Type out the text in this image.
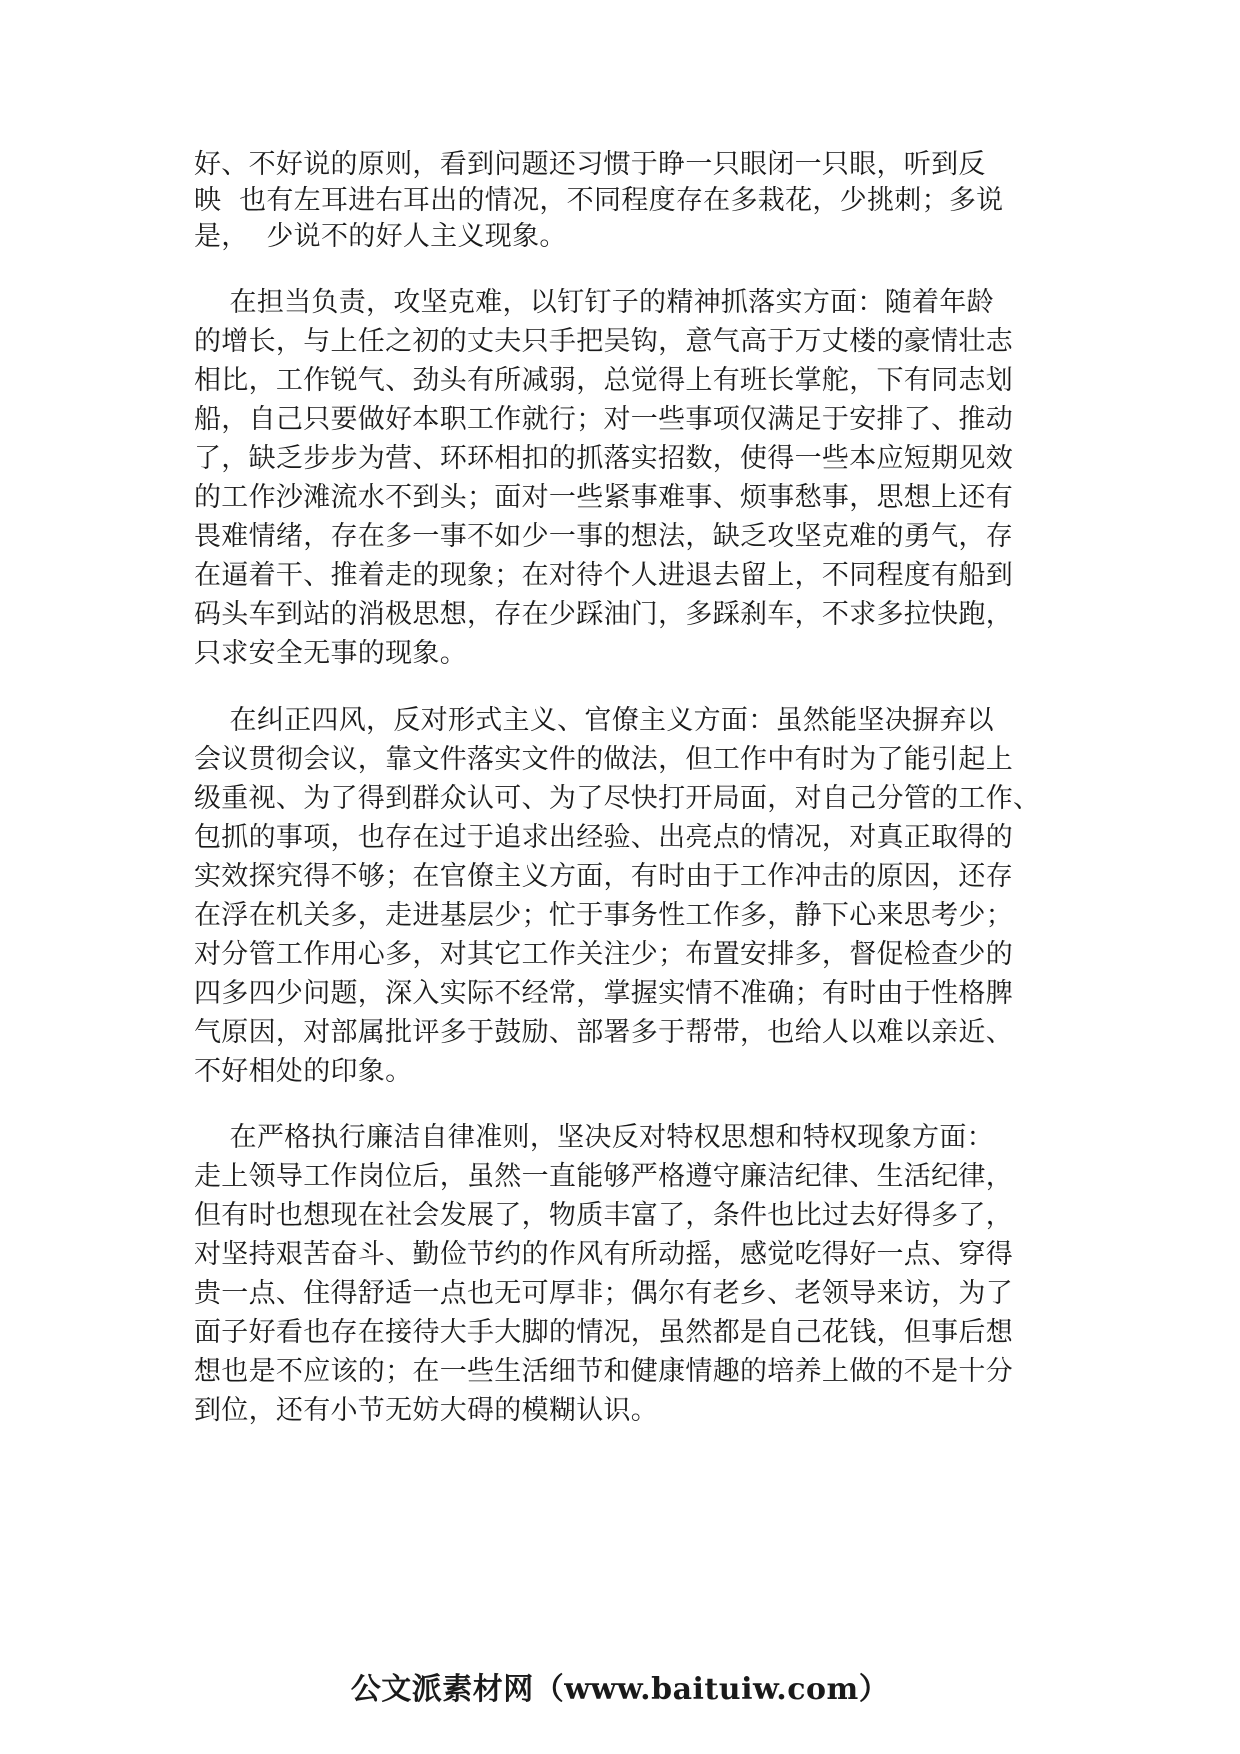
好、不好说的原则，看到问题还习惯于睁一只眼闭一只眼，听到反
映  也有左耳进右耳出的情况，不同程度存在多栽花，少挑刺；多说
是，  少说不的好人主义现象。
在担当负责，攻坚克难，以钉钉子的精神抓落实方面：随着年龄
的增长，与上任之初的丈夫只手把吴钩，意气高于万丈楼的豪情壮志
相比，工作锐气、劲头有所减弱，总觉得上有班长掌舵，下有同志划
船，自己只要做好本职工作就行；对一些事项仅满足于安排了、推动
了，缺乏步步为营、环环相扣的抓落实招数，使得一些本应短期见效
的工作沙滩流水不到头；面对一些紧事难事、烦事愁事，思想上还有
畏难情绪，存在多一事不如少一事的想法，缺乏攻坚克难的勇气，存
在逼着干、推着走的现象；在对待个人进退去留上，不同程度有船到
码头车到站的消极思想，存在少踩油门，多踩刹车，不求多拉快跑，
只求安全无事的现象。
在纠正四风，反对形式主义、官僚主义方面：虽然能坚决摒弃以
会议贯彻会议，靠文件落实文件的做法，但工作中有时为了能引起上
级重视、为了得到群众认可、为了尽快打开局面，对自己分管的工作、
包抓的事项，也存在过于追求出经验、出亮点的情况，对真正取得的
实效探究得不够；在官僚主义方面，有时由于工作冲击的原因，还存
在浮在机关多，走进基层少；忙于事务性工作多，静下心来思考少；
对分管工作用心多，对其它工作关注少；布置安排多，督促检查少的
四多四少问题，深入实际不经常，掌握实情不准确；有时由于性格脾
气原因，对部属批评多于鼓励、部署多于帮带，也给人以难以亲近、
不好相处的印象。
在严格执行廉洁自律准则，坚决反对特权思想和特权现象方面：
走上领导工作岗位后，虽然一直能够严格遵守廉洁纪律、生活纪律，
但有时也想现在社会发展了，物质丰富了，条件也比过去好得多了，
对坚持艰苦奋斗、勤俭节约的作风有所动摇，感觉吃得好一点、穿得
贵一点、住得舒适一点也无可厚非；偶尔有老乡、老领导来访，为了
面子好看也存在接待大手大脚的情况，虽然都是自己花钱，但事后想
想也是不应该的；在一些生活细节和健康情趣的培养上做的不是十分
到位，还有小节无妨大碍的模糊认识。
公文派素材网（www.baituiw.com）
